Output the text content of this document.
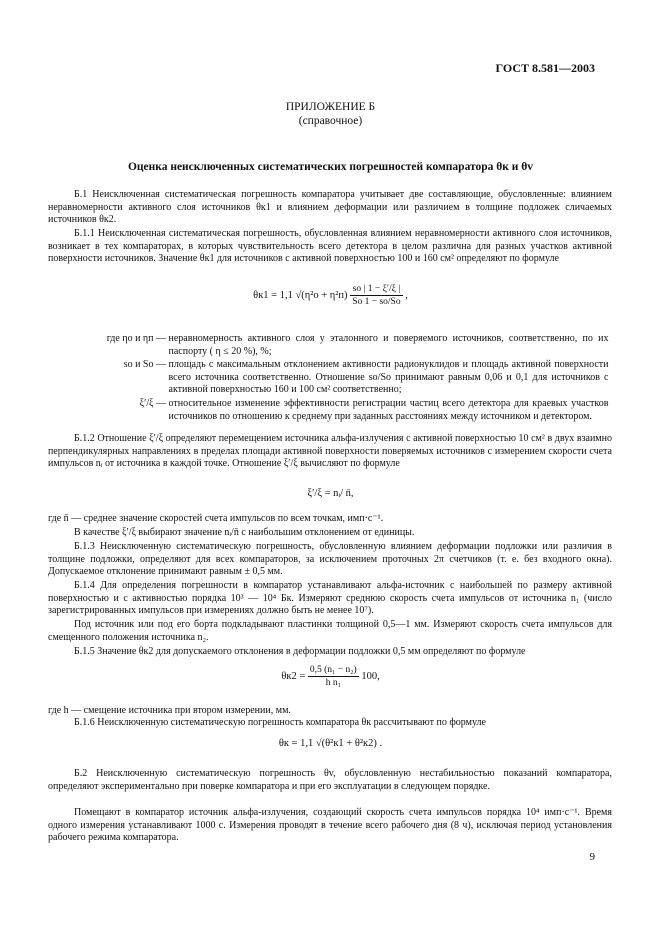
ГОСТ 8.581—2003
ПРИЛОЖЕНИЕ Б
(справочное)
Оценка неисключенных систематических погрешностей компаратора θк и θv
Б.1 Неисключенная систематическая погрешность компаратора учитывает две составляющие, обусловленные: влиянием неравномерности активного слоя источников θк1 и влиянием деформации или различием в толщине подложек сличаемых источников θк2.
Б.1.1 Неисключенная систематическая погрешность, обусловленная влиянием неравномерности активного слоя источников, возникает в тех компараторах, в которых чувствительность всего детектора в целом различна для разных участков активной поверхности источников. Значение θк1 для источников с активной поверхностью 100 и 160 см² определяют по формуле
θк1 = 1,1 √(η²о + η²п)
sо | 1 − ξ′/ξ |
Sо 1 − sо/Sо
,
где ηо и ηп — неравномерность активного слоя у эталонного и поверяемого источников, соответственно, по их паспорту ( η ≤ 20 %), %;
sо и Sо — площадь с максимальным отклонением активности радионуклидов и площадь активной поверхности всего источника соответственно. Отношение sо/Sо принимают равным 0,06 и 0,1 для источников с активной поверхностью 160 и 100 см² соответственно;
ξ′/ξ — относительное изменение эффективности регистрации частиц всего детектора для краевых участков источников по отношению к среднему при заданных расстояниях между источником и детектором.
Б.1.2 Отношение ξ′/ξ определяют перемещением источника альфа-излучения с активной поверхностью 10 см² в двух взаимно перпендикулярных направлениях в пределах площади активной поверхности поверяемых источников с измерением скорости счета импульсов nᵢ от источника в каждой точке. Отношение ξ′/ξ вычисляют по формуле
ξ′/ξ = nᵢ/ n̄,
где n̄ — среднее значение скоростей счета импульсов по всем точкам, имп·с⁻¹.
В качестве ξ′/ξ выбирают значение nᵢ/n̄ с наибольшим отклонением от единицы.
Б.1.3 Неисключенную систематическую погрешность, обусловленную влиянием деформации подложки или различия в толщине подложки, определяют для всех компараторов, за исключением проточных 2π счетчиков (т. е. без входного окна). Допускаемое отклонение принимают равным ± 0,5 мм.
Б.1.4 Для определения погрешности в компаратор устанавливают альфа-источник с наибольшей по размеру активной поверхностью и с активностью порядка 10³ — 10⁴ Бк. Измеряют среднюю скорость счета импульсов от источника n₁ (число зарегистрированных импульсов при измерениях должно быть не менее 10⁷).
Под источник или под его борта подкладывают пластинки толщиной 0,5—1 мм. Измеряют скорость счета импульсов для смещенного положения источника n₂.
Б.1.5 Значение θк2 для допускаемого отклонения в деформации подложки 0,5 мм определяют по формуле
$\theta к2 = \frac{\text{0,5 (n₁ − n₂)}}{\text{h n₁}} 100$,
где h — смещение источника при втором измерении, мм.
Б.1.6 Неисключенную систематическую погрешность компаратора θк рассчитывают по формуле
θк = 1,1 √(θ²к1 + θ²к2) .
Б.2 Неисключенную систематическую погрешность θv, обусловленную нестабильностью показаний компаратора, определяют экспериментально при поверке компаратора и при его эксплуатации в следующем порядке.
Помещают в компаратор источник альфа-излучения, создающий скорость счета импульсов порядка 10⁴ имп·с⁻¹. Время одного измерения устанавливают 1000 с. Измерения проводят в течение всего рабочего дня (8 ч), исключая период установления рабочего режима компаратора.
9
